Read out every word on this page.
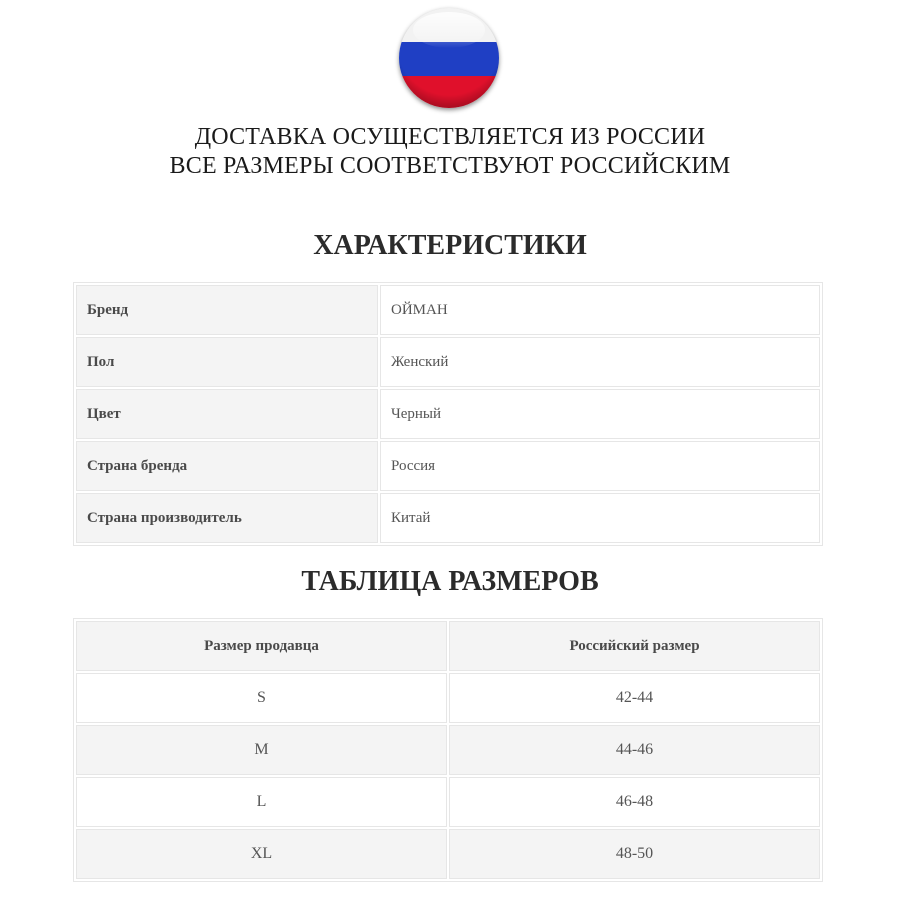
ДОСТАВКА ОСУЩЕСТВЛЯЕТСЯ ИЗ РОССИИ
ВСЕ РАЗМЕРЫ СООТВЕТСТВУЮТ РОССИЙСКИМ
ХАРАКТЕРИСТИКИ
Бренд	ОЙМАН
Пол	Женский
Цвет	Черный
Страна бренда	Россия
Страна производитель	Китай
ТАБЛИЦА РАЗМЕРОВ
Размер продавца	Российский размер
S	42-44
M	44-46
L	46-48
XL	48-50
